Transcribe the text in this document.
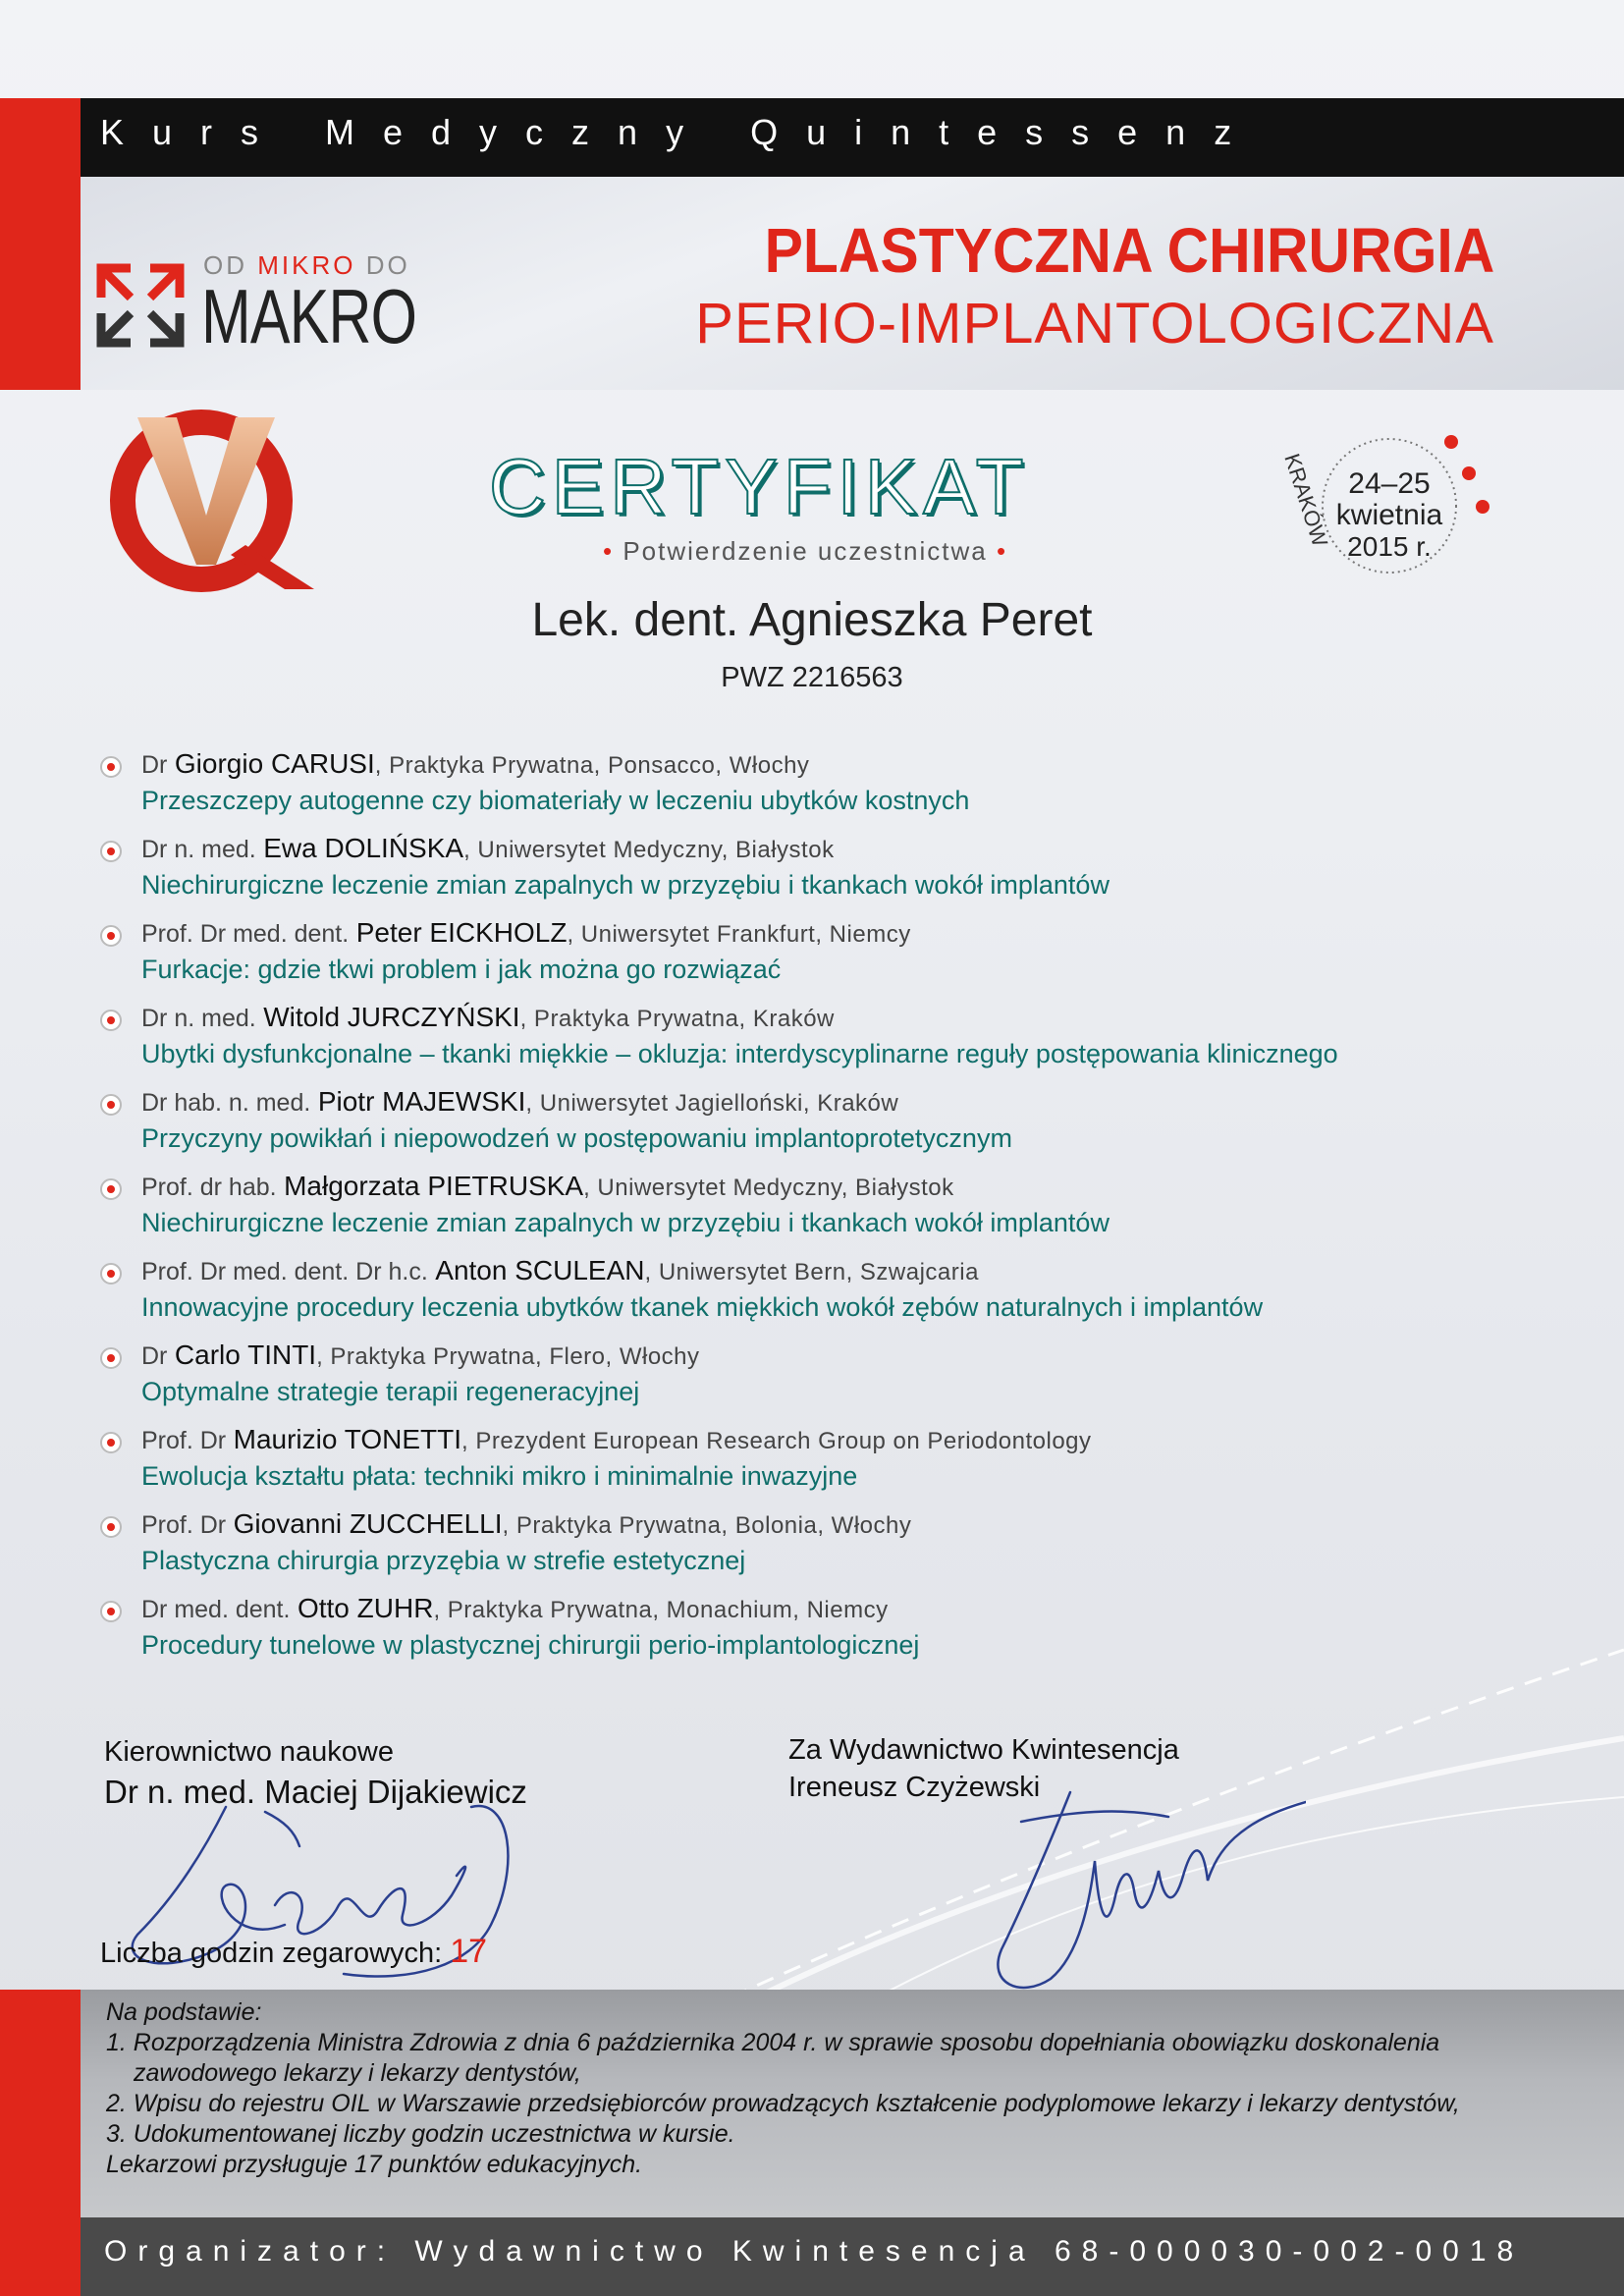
Kurs Medyczny Quintessenz
OD MIKRO DO
MAKRO
PLASTYCZNA CHIRURGIA
PERIO-IMPLANTOLOGICZNA
CERTYFIKAT
• Potwierdzenie uczestnictwa •
24–25
kwietnia
2015 r.
KRAKÓW
Lek. dent. Agnieszka Peret
PWZ 2216563
Dr Giorgio CARUSI, Praktyka Prywatna, Ponsacco, Włochy
Przeszczepy autogenne czy biomateriały w leczeniu ubytków kostnych
Dr n. med. Ewa DOLIŃSKA, Uniwersytet Medyczny, Białystok
Niechirurgiczne leczenie zmian zapalnych w przyzębiu i tkankach wokół implantów
Prof. Dr med. dent. Peter EICKHOLZ, Uniwersytet Frankfurt, Niemcy
Furkacje: gdzie tkwi problem i jak można go rozwiązać
Dr n. med. Witold JURCZYŃSKI, Praktyka Prywatna, Kraków
Ubytki dysfunkcjonalne – tkanki miękkie – okluzja: interdyscyplinarne reguły postępowania klinicznego
Dr hab. n. med. Piotr MAJEWSKI, Uniwersytet Jagielloński, Kraków
Przyczyny powikłań i niepowodzeń w postępowaniu implantoprotetycznym
Prof. dr hab. Małgorzata PIETRUSKA, Uniwersytet Medyczny, Białystok
Niechirurgiczne leczenie zmian zapalnych w przyzębiu i tkankach wokół implantów
Prof. Dr med. dent. Dr h.c. Anton SCULEAN, Uniwersytet Bern, Szwajcaria
Innowacyjne procedury leczenia ubytków tkanek miękkich wokół zębów naturalnych i implantów
Dr Carlo TINTI, Praktyka Prywatna, Flero, Włochy
Optymalne strategie terapii regeneracyjnej
Prof. Dr Maurizio TONETTI, Prezydent European Research Group on Periodontology
Ewolucja kształtu płata: techniki mikro i minimalnie inwazyjne
Prof. Dr Giovanni ZUCCHELLI, Praktyka Prywatna, Bolonia, Włochy
Plastyczna chirurgia przyzębia w strefie estetycznej
Dr med. dent. Otto ZUHR, Praktyka Prywatna, Monachium, Niemcy
Procedury tunelowe w plastycznej chirurgii perio-implantologicznej
Kierownictwo naukowe
Dr n. med. Maciej Dijakiewicz
Za Wydawnictwo Kwintesencja
Ireneusz Czyżewski
Liczba godzin zegarowych: 17
Na podstawie:
1. Rozporządzenia Ministra Zdrowia z dnia 6 października 2004 r. w sprawie sposobu dopełniania obowiązku doskonalenia
zawodowego lekarzy i lekarzy dentystów,
2. Wpisu do rejestru OIL w Warszawie przedsiębiorców prowadzących kształcenie podyplomowe lekarzy i lekarzy dentystów,
3. Udokumentowanej liczby godzin uczestnictwa w kursie.
Lekarzowi przysługuje 17 punktów edukacyjnych.
Organizator: Wydawnictwo Kwintesencja 68-000030-002-0018
